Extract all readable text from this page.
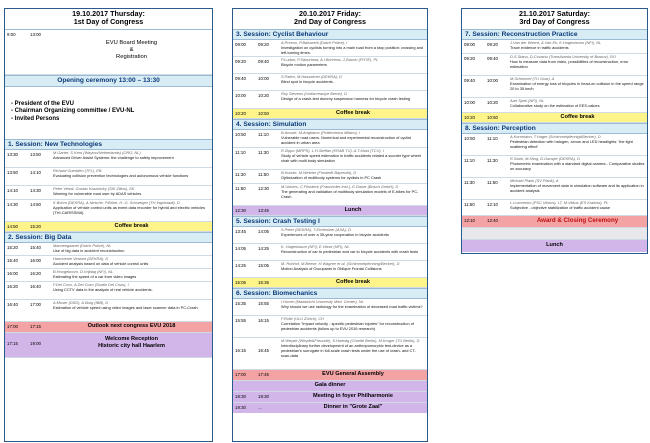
19.10.2017 Thursday:
1st Day of Congress
9:00	13:00
EVU Board Meeting
&
Registration
Opening ceremony 13:00 – 13:30
- President of the EVU
- Chairman Organizing committee / EVU-NL
- Invited Persons
1. Session: New Technologies
13:30	13:50	M.Garter, S.Kern (Waymo/Netherlands) (ORG, NL)
Advanced Driver Assist Systems: the challenge to safety improvement
13:50	14:10	Richard Gueriden (TFL), EB
Evaluating collision prevention technologies and autonomous vehicle functions
14:10	14:30	Peter Vertal, Gustav Kasanicky (SIK Zilina), SK
Warning for vulnerable road user by ADAS vehicles
14:30	14:50	K.Bohm (DEKRA), A.Nesche, P.Brine, H.-G. Schweiger (TH Ingolstadt), D
Application of vehicle control units as event data recorder for hybrid and electric vehicles (THI-CARISSMA)
14:50	15:20	Coffee break
2. Session: Big Data
15:20	15:40	Mannengaanel (Dutch Police), NL
Use of big data in accident reconstruction
15:40	16:00	Harmoenie Veasen (DEKRA), D
Accident analysis based on data of vehicle control units
16:00	16:20	B.Hoogeboom, D.Vrijdag (NFI), NL
Estimating the speed of a car from video images
16:20	16:40	F.Del Coco, A.Del Cozo (Studio Del Cozo), I
Using CCTV data in the analysis of real vehicle accidents.
16:40	17:00	A.Moser (DSD), A.Burg (IBB), D
Estimation of vehicle speed using video images and laser scanner data in PC-Crash
17:00	17:15	Outlook next congress EVU 2018
17:15	19:00
Welcome Reception
Historic city hall Haarlem
20.10.2017 Friday:
2nd Day of Congress
3. Session: Cyclist Behaviour
09:00	09:20	A.Prevoo, P.Balsoretti (Dutch Police), I
Investigation on cyclists turning into a main road from a stop position: crossing and left-turning times.
09:20	09:40	P.Ludan, P.Sahuriana, A.I.Borcena, J.Zobolo (FHTE), PL
Bicycle motion parameters
09:40	10:00	S.Paten, M.Hasselmer (DEKRA), D
Blind spot in bicycle accidents.
10:00	10:20	Roy Stevens (Unifacreaulye Berne), D
Design of a crash-test dummy suspension harness for bicycle crash testing
10:20	10:50	Coffee break
4. Session: Simulation
10:50	11:10	B.Anozie, M.Angrlamo (Politechnica Milano), I
Vulnerable road users. Numerical and experimental reconstruction of cyclist accident in urban area
11:10	11:30	R.Zippo (MRPS), L.H.Steffan (KRAB TU), A.T.Mukt (TCU), I
Study of vehicle speed estimation in traffic accidents related a scooter type wheel chair with multi body simulation
11:30	11:50	B.Kutzke, M.Wetzler (Finsterlit Bayreuth), D
Optimization of multibody systems for cyclists in PC Crash
11:50	12:30	M.Unbers, C.Ptosteck (Fraunhofer-Inst.), E.Dauer (Bosch GmbH), D
The generating and validation of multibody simulation models of E-bikes for PC-Crash
12:30	13:45	Lunch
5. Session: Crash Testing I
13:45	14:05	S.Peter (DEKRA), T.Eichholzer (AXA), D
Experiences of over a 35-year cooperation in bicycle accidents
14:05	14:25	K. Hagenbaum (NFI), E.Hisse (NFI), NL
Reconstruction of car to pedestrian and car to bicycle accidents with crash tests
14:25	15:05	M. Rohhof, M.Beese, H.Wagner et al. (Schimmelpfenning/Becker), D
Motion Analysis of Occupants in Oblique Frontal Collisions
15:05	15:35	Coffee break
6. Session: Biomechanics
15:35	15:55	I.Hoven (Maastricht University Med. Center), NL
Why should we use radiology for the examination of deceased road traffic victims?
15:55	16:15	F.Rolle (ULU Zürich), CH
Correlation "impact velocity - specific pedestrian injuries" for reconstruction of pedestrian accidents (follow up to EVU 2016 research)
16:15	16:45
M.Weyde (Weyde&Freunde), S.Hartwig (Charité Berlin), M.Kruger (TU Berlin), D
Interdisciplinary further development of an anthropomorphic test-device as a pedestrian's surrogate in full-scale crash tests under the use of crash- and CT-scan-data
17:00	17:45	EVU General Assembly
Gala dinner
18:30	19:30	Meeting in foyer Philharmonie
19:30	...	Dinner in "Grote Zaal"
21.10.2017 Saturday:
3rd Day of Congress
7. Session: Reconstruction Practice
09:00	09:20	J.Van der Weerd, A.Van Ek, K.Hogenboom (NFI), NL
Trace evidence in traffic accidents
09:20	09:40	D.S.Stanu, D.Covaciu (Transilvania University of Brasov), RO
How to measure data from video, possibilities of reconstruction, error estimation
09:40	10:00	M.Schimmel (TU Graz), A
Examination of energy loss of bicycles in head-on collision in the speed range 20 to 35 km/h
10:00	10:20	Aart Spek (NFI), NL
Collaborative study on the estimation of EES-values
10:20	10:50	Coffee break
8. Session: Perception
10:50	11:10	A.Kornmann, T.Hager (Schimmelpfennig&Becker), D
Pedestrian detection with halogen, xenon and LED headlights: 'the light scattering effect'
11:10	11:30	R.Stark, M.Kling, D.Gansjer (DEKRA), D
Photometric examination with a standard digital camera - Comparative studies on accuracy
11:30	11:50	Michael Plank (SV Plank), A
Implementation of movement data in simulation software and its application in accident analysis
11:50	12:10	L.Lozorenko (PSC Vilnius), LT, M.Vitkus (ES Kraków), PL
Subjective - objective stabilization of traffic accident cause
12:10	12:40	Award & Closing Ceremony
Lunch
